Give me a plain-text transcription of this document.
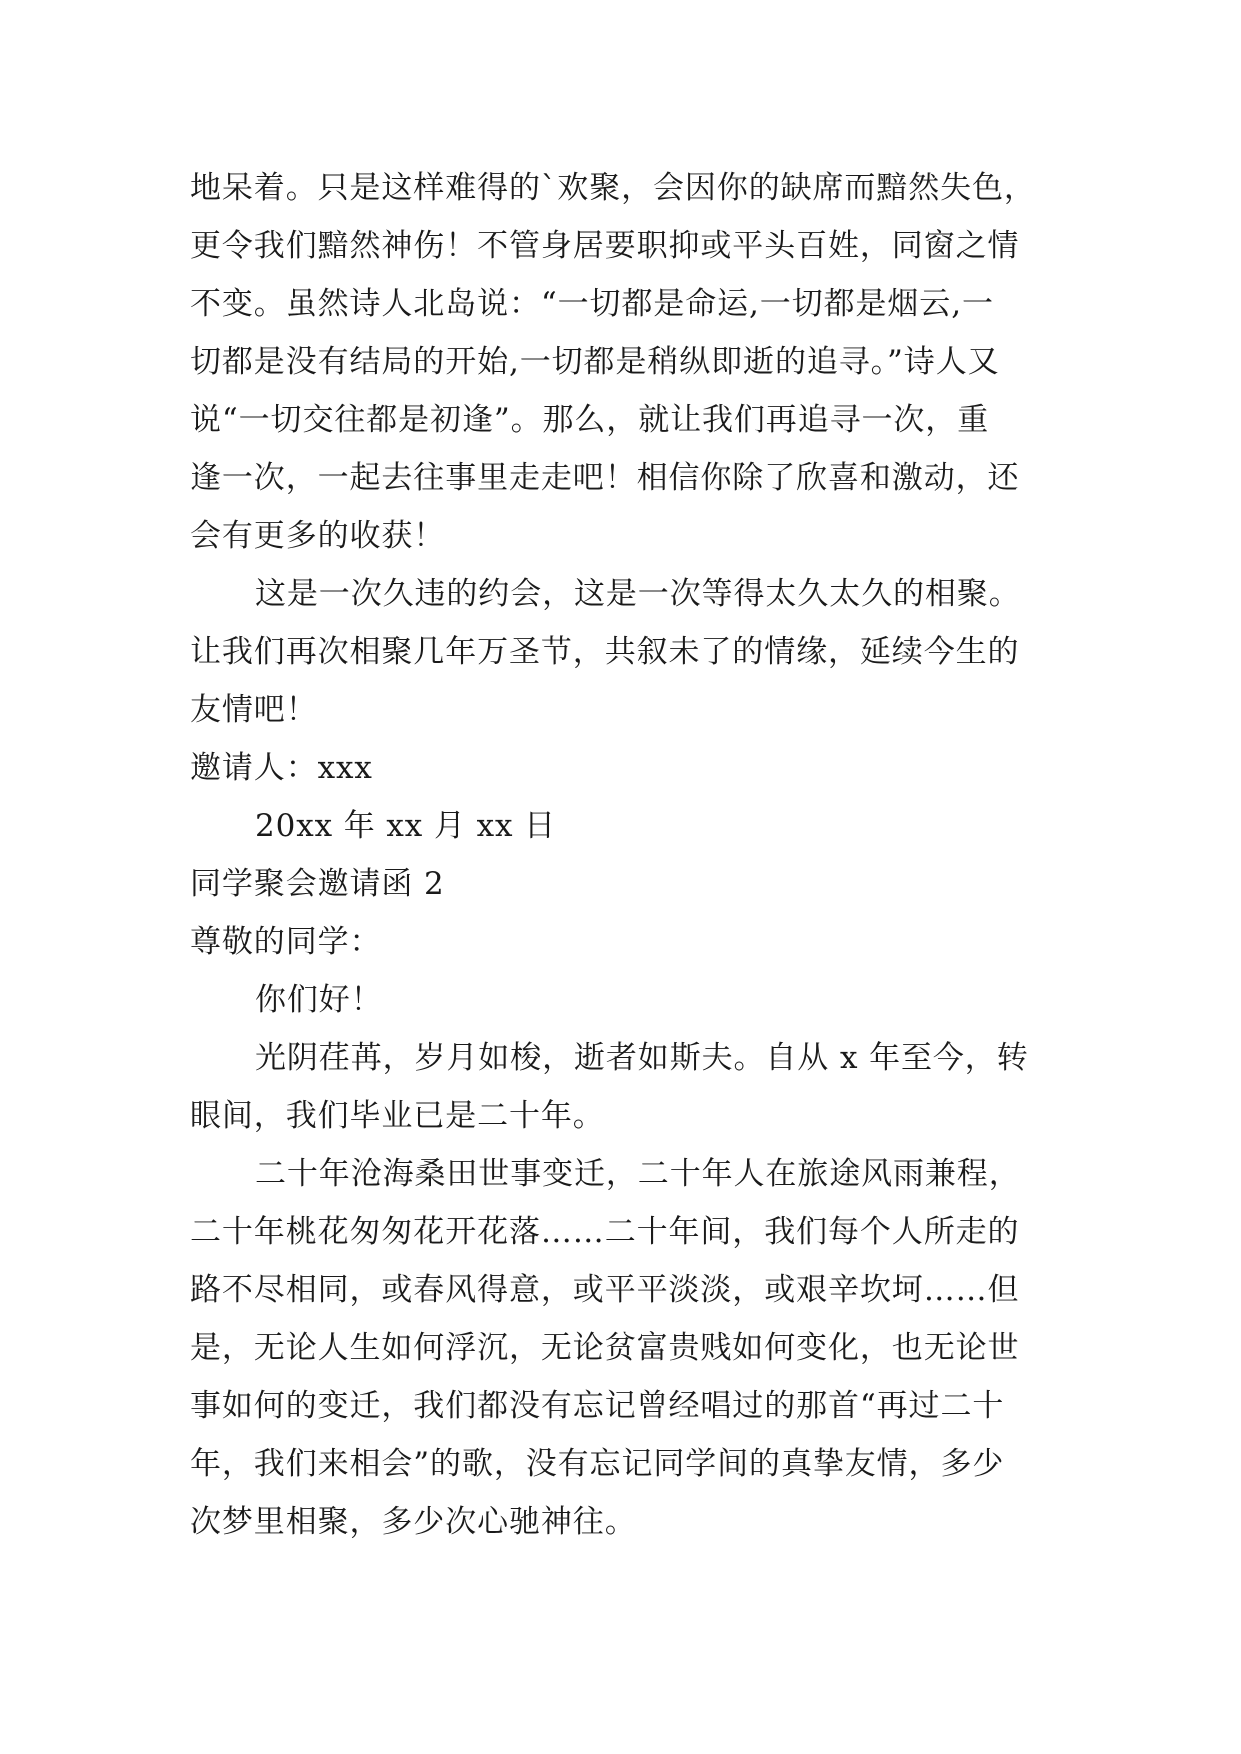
地呆着。只是这样难得的`欢聚，会因你的缺席而黯然失色，
更令我们黯然神伤！不管身居要职抑或平头百姓，同窗之情
不变。虽然诗人北岛说：“一切都是命运,一切都是烟云,一
切都是没有结局的开始,一切都是稍纵即逝的追寻。”诗人又
说“一切交往都是初逢”。那么，就让我们再追寻一次，重
逢一次，一起去往事里走走吧！相信你除了欣喜和激动，还
会有更多的收获！
这是一次久违的约会，这是一次等得太久太久的相聚。
让我们再次相聚几年万圣节，共叙未了的情缘，延续今生的
友情吧！
邀请人：xxx
20xx 年 xx 月 xx 日
同学聚会邀请函 2
尊敬的同学：
你们好！
光阴荏苒，岁月如梭，逝者如斯夫。自从 x 年至今，转
眼间，我们毕业已是二十年。
二十年沧海桑田世事变迁，二十年人在旅途风雨兼程，
二十年桃花匆匆花开花落……二十年间，我们每个人所走的
路不尽相同，或春风得意，或平平淡淡，或艰辛坎坷……但
是，无论人生如何浮沉，无论贫富贵贱如何变化，也无论世
事如何的变迁，我们都没有忘记曾经唱过的那首“再过二十
年，我们来相会”的歌，没有忘记同学间的真挚友情，多少
次梦里相聚，多少次心驰神往。
